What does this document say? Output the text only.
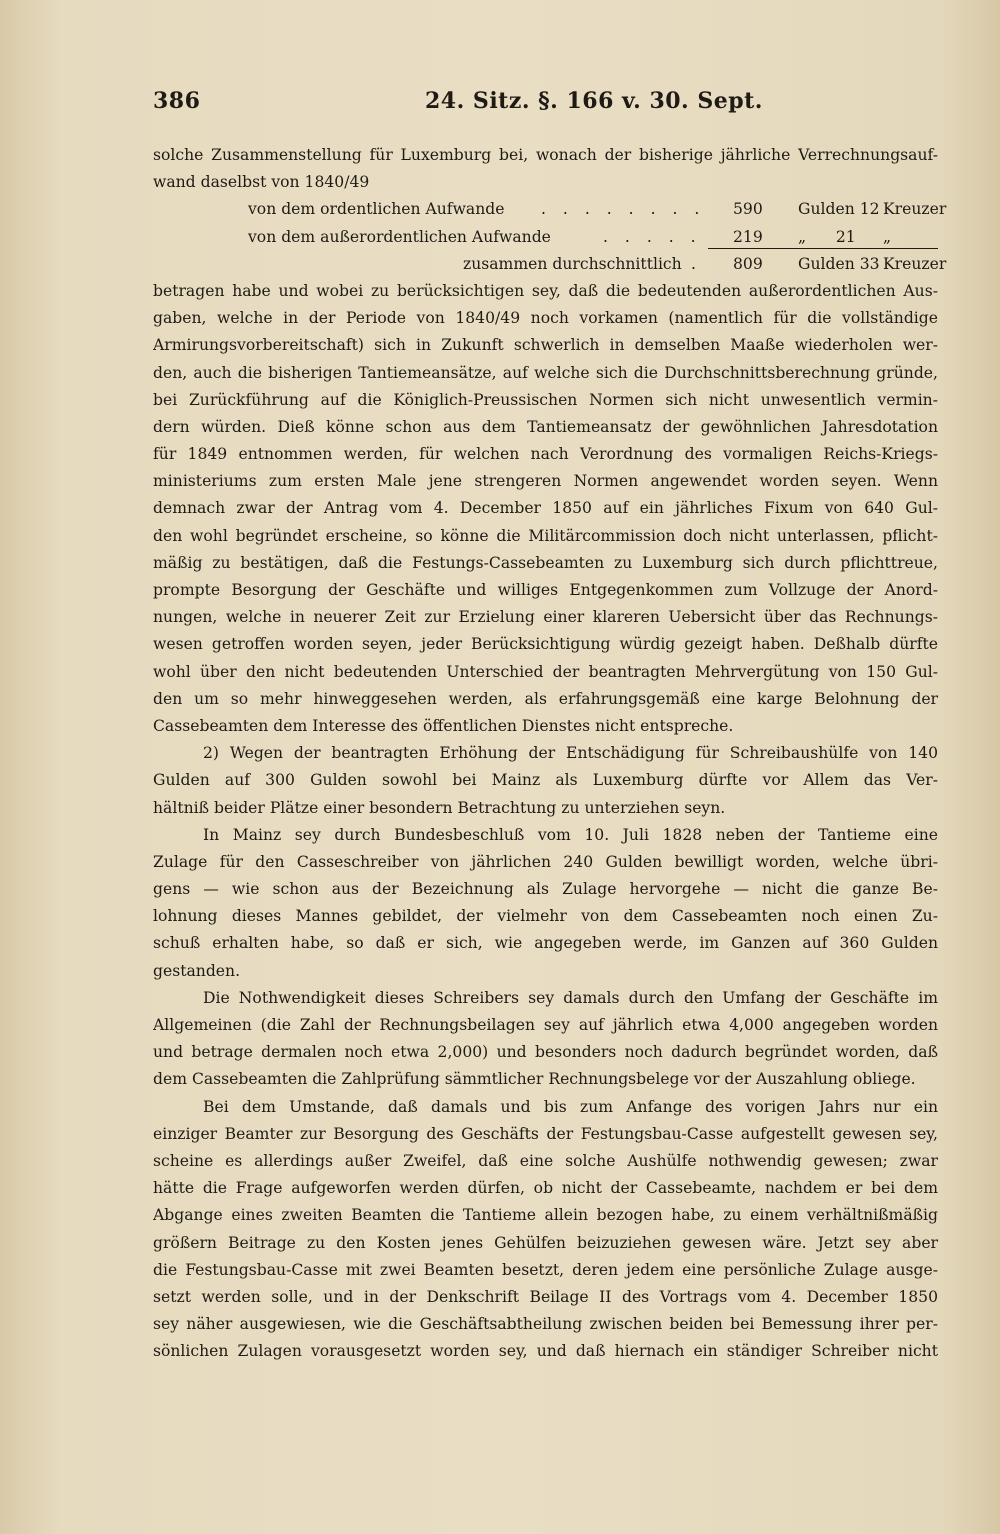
386	24. Sitz. §. 166 v. 30. Sept.
solche Zusammenstellung für Luxemburg bei, wonach der bisherige jährliche Verrechnungsauf-
wand daselbst von 1840/49
von dem ordentlichen Aufwande . . . . . . . . 590 Gulden 12 Kreuzer
von dem außerordentlichen Aufwande	. . . . . 219 „      21 „
zusammen durchschnittlich . 809 Gulden 33 Kreuzer
betragen habe und wobei zu berücksichtigen sey, daß die bedeutenden außerordentlichen Aus-
gaben, welche in der Periode von 1840/49 noch vorkamen (namentlich für die vollständige
Armirungsvorbereitschaft) sich in Zukunft schwerlich in demselben Maaße wiederholen wer-
den, auch die bisherigen Tantiemeansätze, auf welche sich die Durchschnittsberechnung gründe,
bei Zurückführung auf die Königlich-Preussischen Normen sich nicht unwesentlich vermin-
dern würden. Dieß könne schon aus dem Tantiemeansatz der gewöhnlichen Jahresdotation
für 1849 entnommen werden, für welchen nach Verordnung des vormaligen Reichs-Kriegs-
ministeriums zum ersten Male jene strengeren Normen angewendet worden seyen. Wenn
demnach zwar der Antrag vom 4. December 1850 auf ein jährliches Fixum von 640 Gul-
den wohl begründet erscheine, so könne die Militärcommission doch nicht unterlassen, pflicht-
mäßig zu bestätigen, daß die Festungs-Cassebeamten zu Luxemburg sich durch pflichttreue,
prompte Besorgung der Geschäfte und williges Entgegenkommen zum Vollzuge der Anord-
nungen, welche in neuerer Zeit zur Erzielung einer klareren Uebersicht über das Rechnungs-
wesen getroffen worden seyen, jeder Berücksichtigung würdig gezeigt haben. Deßhalb dürfte
wohl über den nicht bedeutenden Unterschied der beantragten Mehrvergütung von 150 Gul-
den um so mehr hinweggesehen werden, als erfahrungsgemäß eine karge Belohnung der
Cassebeamten dem Interesse des öffentlichen Dienstes nicht entspreche.
2) Wegen der beantragten Erhöhung der Entschädigung für Schreibaushülfe von 140
Gulden auf 300 Gulden sowohl bei Mainz als Luxemburg dürfte vor Allem das Ver-
hältniß beider Plätze einer besondern Betrachtung zu unterziehen seyn.
In Mainz sey durch Bundesbeschluß vom 10. Juli 1828 neben der Tantieme eine
Zulage für den Casseschreiber von jährlichen 240 Gulden bewilligt worden, welche übri-
gens — wie schon aus der Bezeichnung als Zulage hervorgehe — nicht die ganze Be-
lohnung dieses Mannes gebildet, der vielmehr von dem Cassebeamten noch einen Zu-
schuß erhalten habe, so daß er sich, wie angegeben werde, im Ganzen auf 360 Gulden
gestanden.
Die Nothwendigkeit dieses Schreibers sey damals durch den Umfang der Geschäfte im
Allgemeinen (die Zahl der Rechnungsbeilagen sey auf jährlich etwa 4,000 angegeben worden
und betrage dermalen noch etwa 2,000) und besonders noch dadurch begründet worden, daß
dem Cassebeamten die Zahlprüfung sämmtlicher Rechnungsbelege vor der Auszahlung obliege.
Bei dem Umstande, daß damals und bis zum Anfange des vorigen Jahrs nur ein
einziger Beamter zur Besorgung des Geschäfts der Festungsbau-Casse aufgestellt gewesen sey,
scheine es allerdings außer Zweifel, daß eine solche Aushülfe nothwendig gewesen; zwar
hätte die Frage aufgeworfen werden dürfen, ob nicht der Cassebeamte, nachdem er bei dem
Abgange eines zweiten Beamten die Tantieme allein bezogen habe, zu einem verhältnißmäßig
größern Beitrage zu den Kosten jenes Gehülfen beizuziehen gewesen wäre. Jetzt sey aber
die Festungsbau-Casse mit zwei Beamten besetzt, deren jedem eine persönliche Zulage ausge-
setzt werden solle, und in der Denkschrift Beilage II des Vortrags vom 4. December 1850
sey näher ausgewiesen, wie die Geschäftsabtheilung zwischen beiden bei Bemessung ihrer per-
sönlichen Zulagen vorausgesetzt worden sey, und daß hiernach ein ständiger Schreiber nicht
